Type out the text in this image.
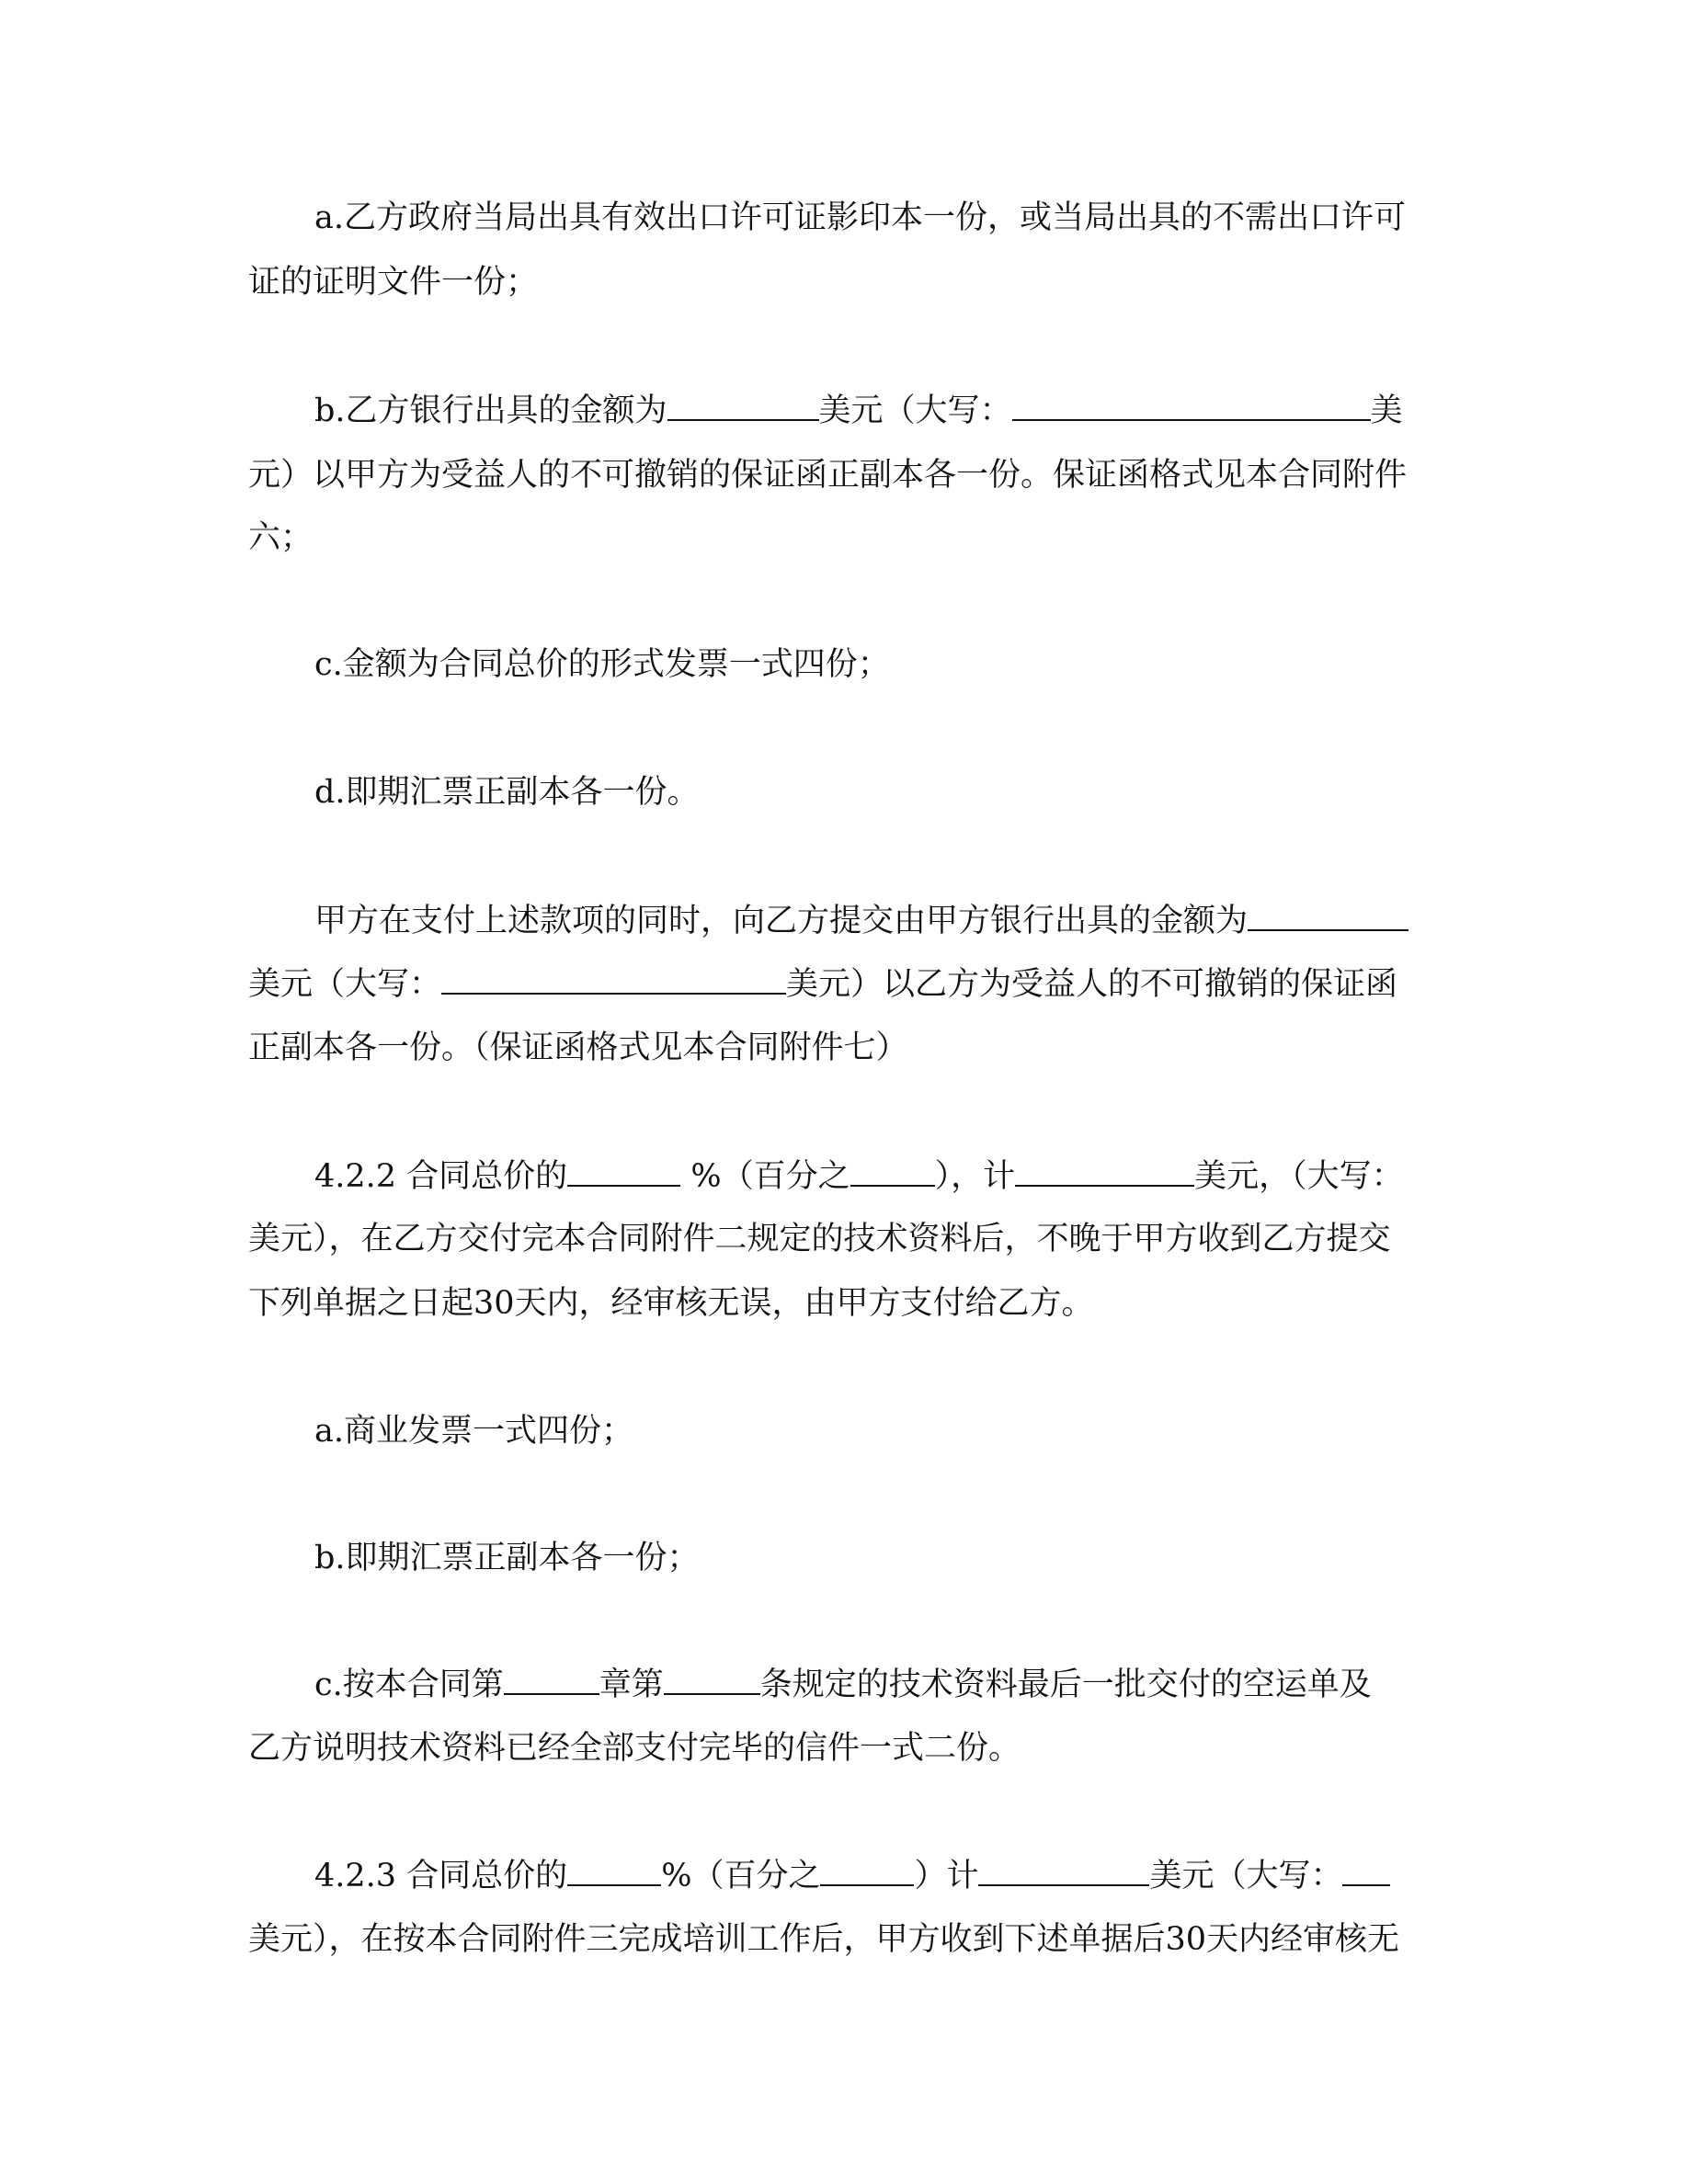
a.乙方政府当局出具有效出口许可证影印本一份，或当局出具的不需出口许可
证的证明文件一份；
b.乙方银行出具的金额为	美元（大写：	美
元）以甲方为受益人的不可撤销的保证函正副本各一份。保证函格式见本合同附件
六；
c.金额为合同总价的形式发票一式四份；
d.即期汇票正副本各一份。
甲方在支付上述款项的同时，向乙方提交由甲方银行出具的金额为
美元（大写：	美元）以乙方为受益人的不可撤销的保证函
正副本各一份。（保证函格式见本合同附件七）
4.2.2 合同总价的	%（百分之	），计	美元，（大写：
美元），在乙方交付完本合同附件二规定的技术资料后，不晚于甲方收到乙方提交
下列单据之日起30天内，经审核无误，由甲方支付给乙方。
a.商业发票一式四份；
b.即期汇票正副本各一份；
c.按本合同第	章第	条规定的技术资料最后一批交付的空运单及
乙方说明技术资料已经全部支付完毕的信件一式二份。
4.2.3 合同总价的	%（百分之	）计	美元（大写：
美元），在按本合同附件三完成培训工作后，甲方收到下述单据后30天内经审核无
